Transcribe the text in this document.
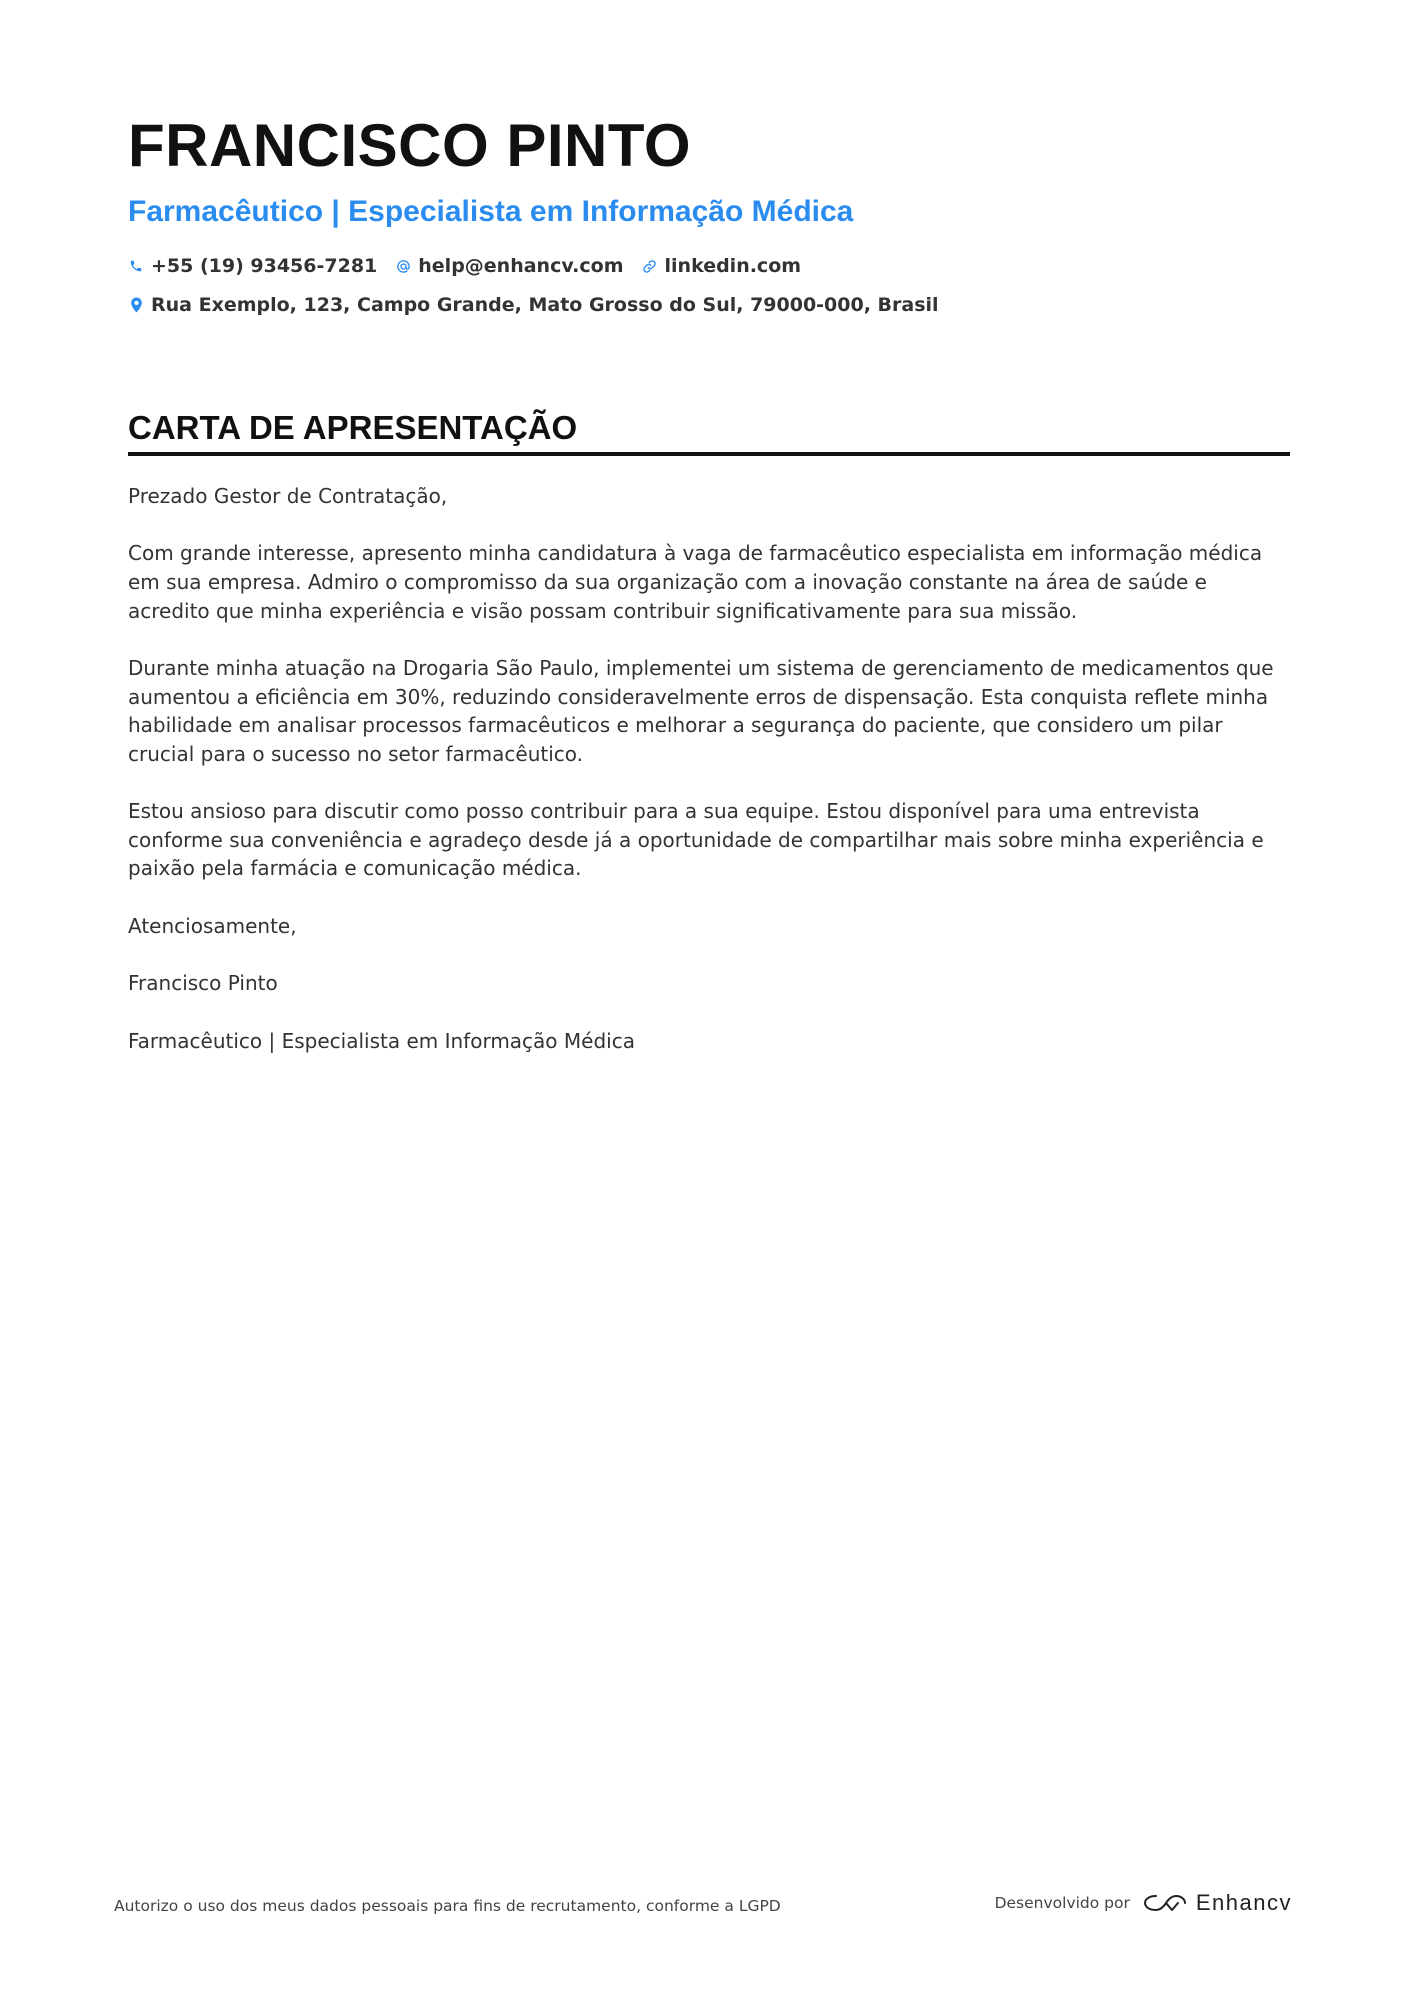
FRANCISCO PINTO
Farmacêutico | Especialista em Informação Médica
+55 (19) 93456-7281 help@enhancv.com linkedin.com
Rua Exemplo, 123, Campo Grande, Mato Grosso do Sul, 79000-000, Brasil
CARTA DE APRESENTAÇÃO

Prezado Gestor de Contratação,

Com grande interesse, apresento minha candidatura à vaga de farmacêutico especialista em informação médica em sua empresa. Admiro o compromisso da sua organização com a inovação constante na área de saúde e acredito que minha experiência e visão possam contribuir significativamente para sua missão.

Durante minha atuação na Drogaria São Paulo, implementei um sistema de gerenciamento de medicamentos que aumentou a eficiência em 30%, reduzindo consideravelmente erros de dispensação. Esta conquista reflete minha habilidade em analisar processos farmacêuticos e melhorar a segurança do paciente, que considero um pilar crucial para o sucesso no setor farmacêutico.

Estou ansioso para discutir como posso contribuir para a sua equipe. Estou disponível para uma entrevista conforme sua conveniência e agradeço desde já a oportunidade de compartilhar mais sobre minha experiência e paixão pela farmácia e comunicação médica.

Atenciosamente,

Francisco Pinto

Farmacêutico | Especialista em Informação Médica

Autorizo o uso dos meus dados pessoais para fins de recrutamento, conforme a LGPD	Desenvolvido por	Enhancv
